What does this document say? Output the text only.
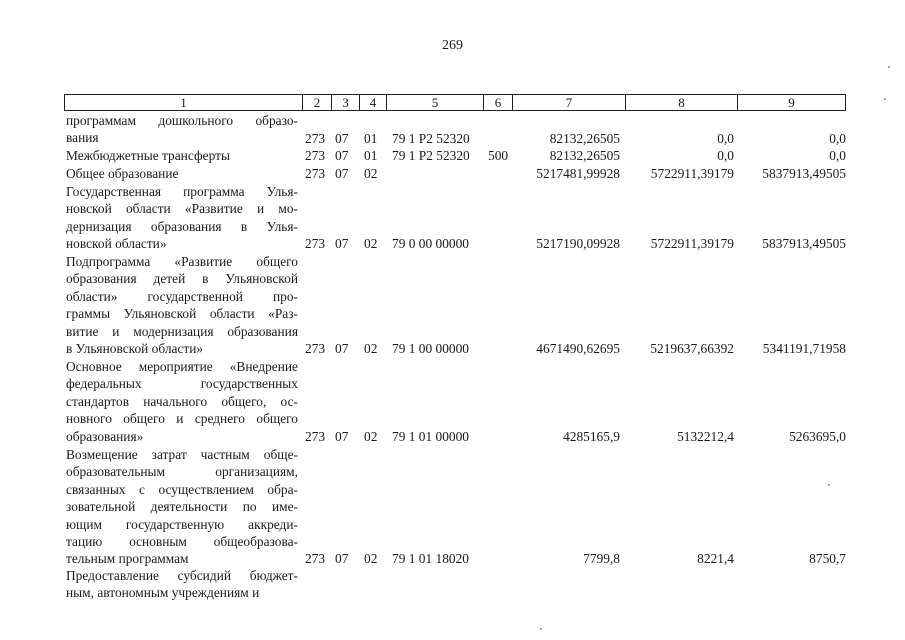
269
1	2	3	4	5	6	7	8	9
программам дошкольного образо-
вания	273 07 01 79 1 P2 52320	82132,26505	0,0	0,0
Межбюджетные трансферты	273 07 01 79 1 P2 52320 500	82132,26505	0,0	0,0
Общее образование	273 07 02	5217481,99928 5722911,39179 5837913,49505
Государственная программа Улья-
новской области «Развитие и мо-
дернизация образования в Улья-
новской области»	273 07 02 79 0 00 00000	5217190,09928 5722911,39179 5837913,49505
Подпрограмма «Развитие общего
образования детей в Ульяновской
области» государственной про-
граммы Ульяновской области «Раз-
витие и модернизация образования
в Ульяновской области»	273 07 02 79 1 00 00000	4671490,62695 5219637,66392 5341191,71958
Основное мероприятие «Внедрение
федеральных государственных
стандартов начального общего, ос-
новного общего и среднего общего
образования»	273 07 02 79 1 01 00000	4285165,9	5132212,4	5263695,0
Возмещение затрат частным обще-
образовательным организациям,
связанных с осуществлением обра-
зовательной деятельности по име-
ющим государственную аккреди-
тацию основным общеобразова-
тельным программам	273 07 02 79 1 01 18020	7799,8	8221,4	8750,7
Предоставление субсидий бюджет-
ным, автономным учреждениям и
